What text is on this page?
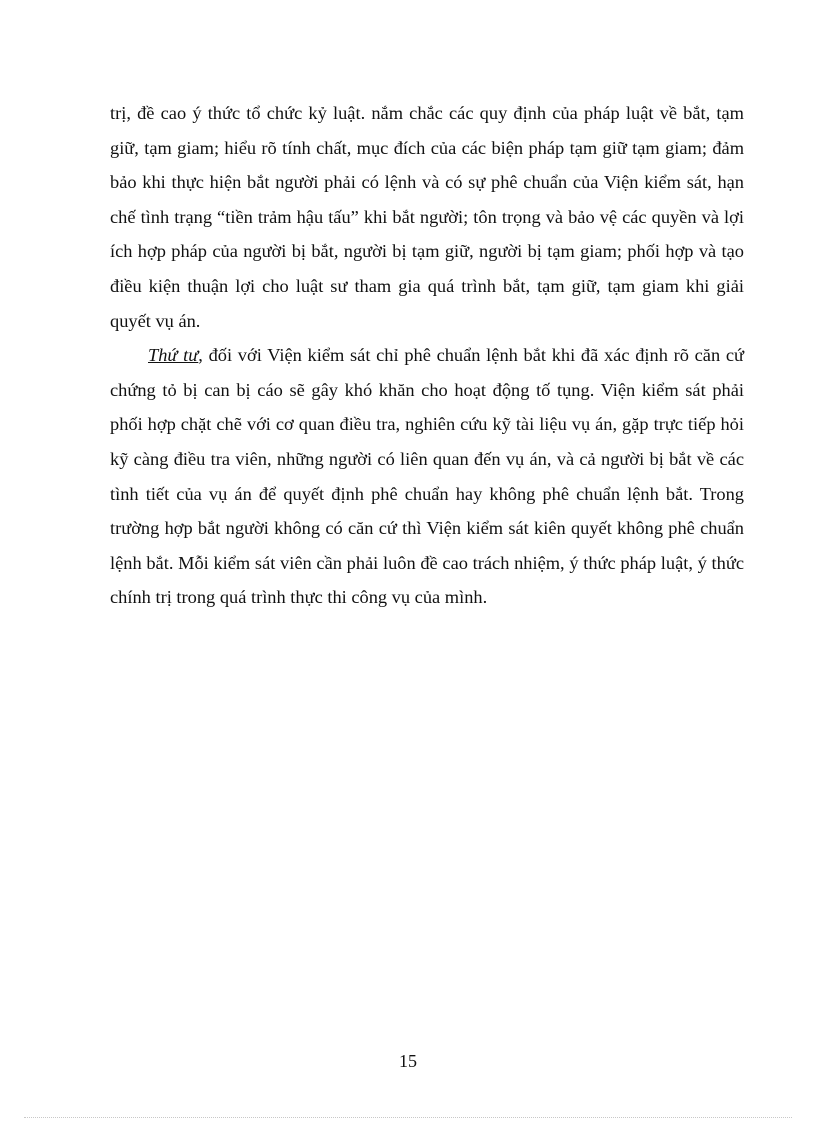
trị, đề cao ý thức tổ chức kỷ luật. nắm chắc các quy định của pháp luật về bắt, tạm giữ, tạm giam; hiểu rõ tính chất, mục đích của các biện pháp tạm giữ tạm giam; đảm bảo khi thực hiện bắt người phải có lệnh và có sự phê chuẩn của Viện kiểm sát, hạn chế tình trạng “tiền trảm hậu tấu” khi bắt người; tôn trọng và bảo vệ các quyền và lợi ích hợp pháp của người bị bắt, người bị tạm giữ, người bị tạm giam; phối hợp và tạo điều kiện thuận lợi cho luật sư tham gia quá trình bắt, tạm giữ, tạm giam khi giải quyết vụ án.

Thứ tư, đối với Viện kiểm sát chỉ phê chuẩn lệnh bắt khi đã xác định rõ căn cứ chứng tỏ bị can bị cáo sẽ gây khó khăn cho hoạt động tố tụng. Viện kiểm sát phải phối hợp chặt chẽ với cơ quan điều tra, nghiên cứu kỹ tài liệu vụ án, gặp trực tiếp hỏi kỹ càng điều tra viên, những người có liên quan đến vụ án, và cả người bị bắt về các tình tiết của vụ án để quyết định phê chuẩn hay không phê chuẩn lệnh bắt. Trong trường hợp bắt người không có căn cứ thì Viện kiểm sát kiên quyết không phê chuẩn lệnh bắt. Mỗi kiểm sát viên cần phải luôn đề cao trách nhiệm, ý thức pháp luật, ý thức chính trị trong quá trình thực thi công vụ của mình.

15
